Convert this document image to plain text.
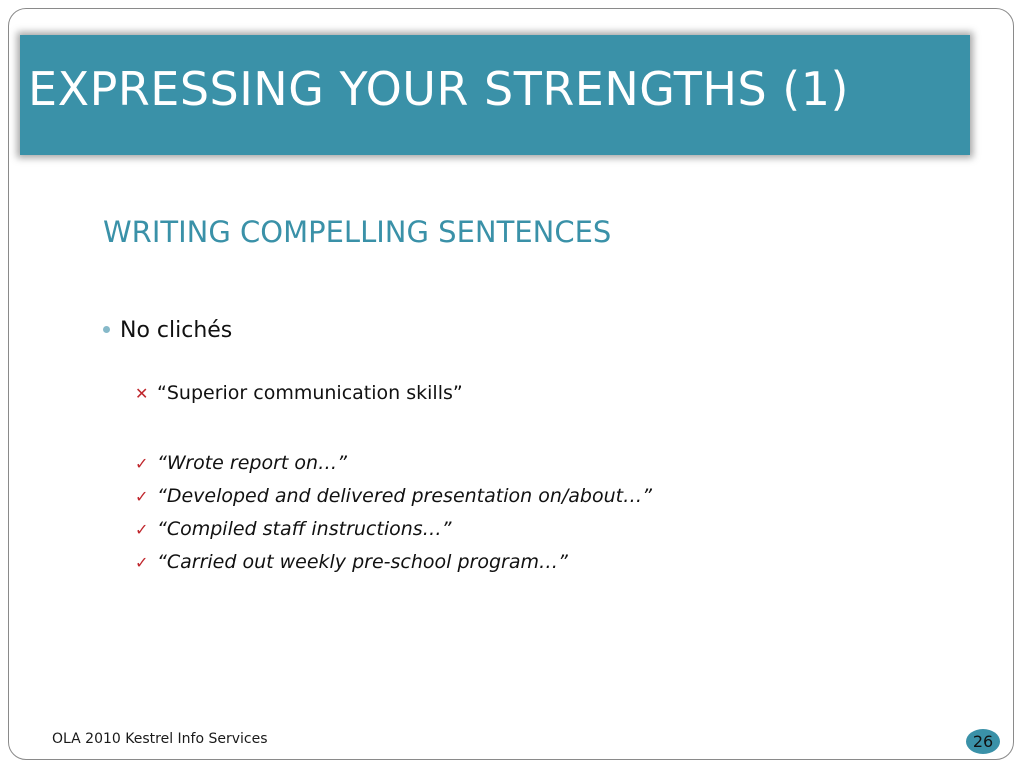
EXPRESSING YOUR STRENGTHS (1)
WRITING COMPELLING SENTENCES
No clichés
✕ “Superior communication skills”
✓ “Wrote report on…”
✓ “Developed and delivered presentation on/about…”
✓ “Compiled staff instructions…”
✓ “Carried out weekly pre-school program…”
OLA 2010 Kestrel Info Services	26
